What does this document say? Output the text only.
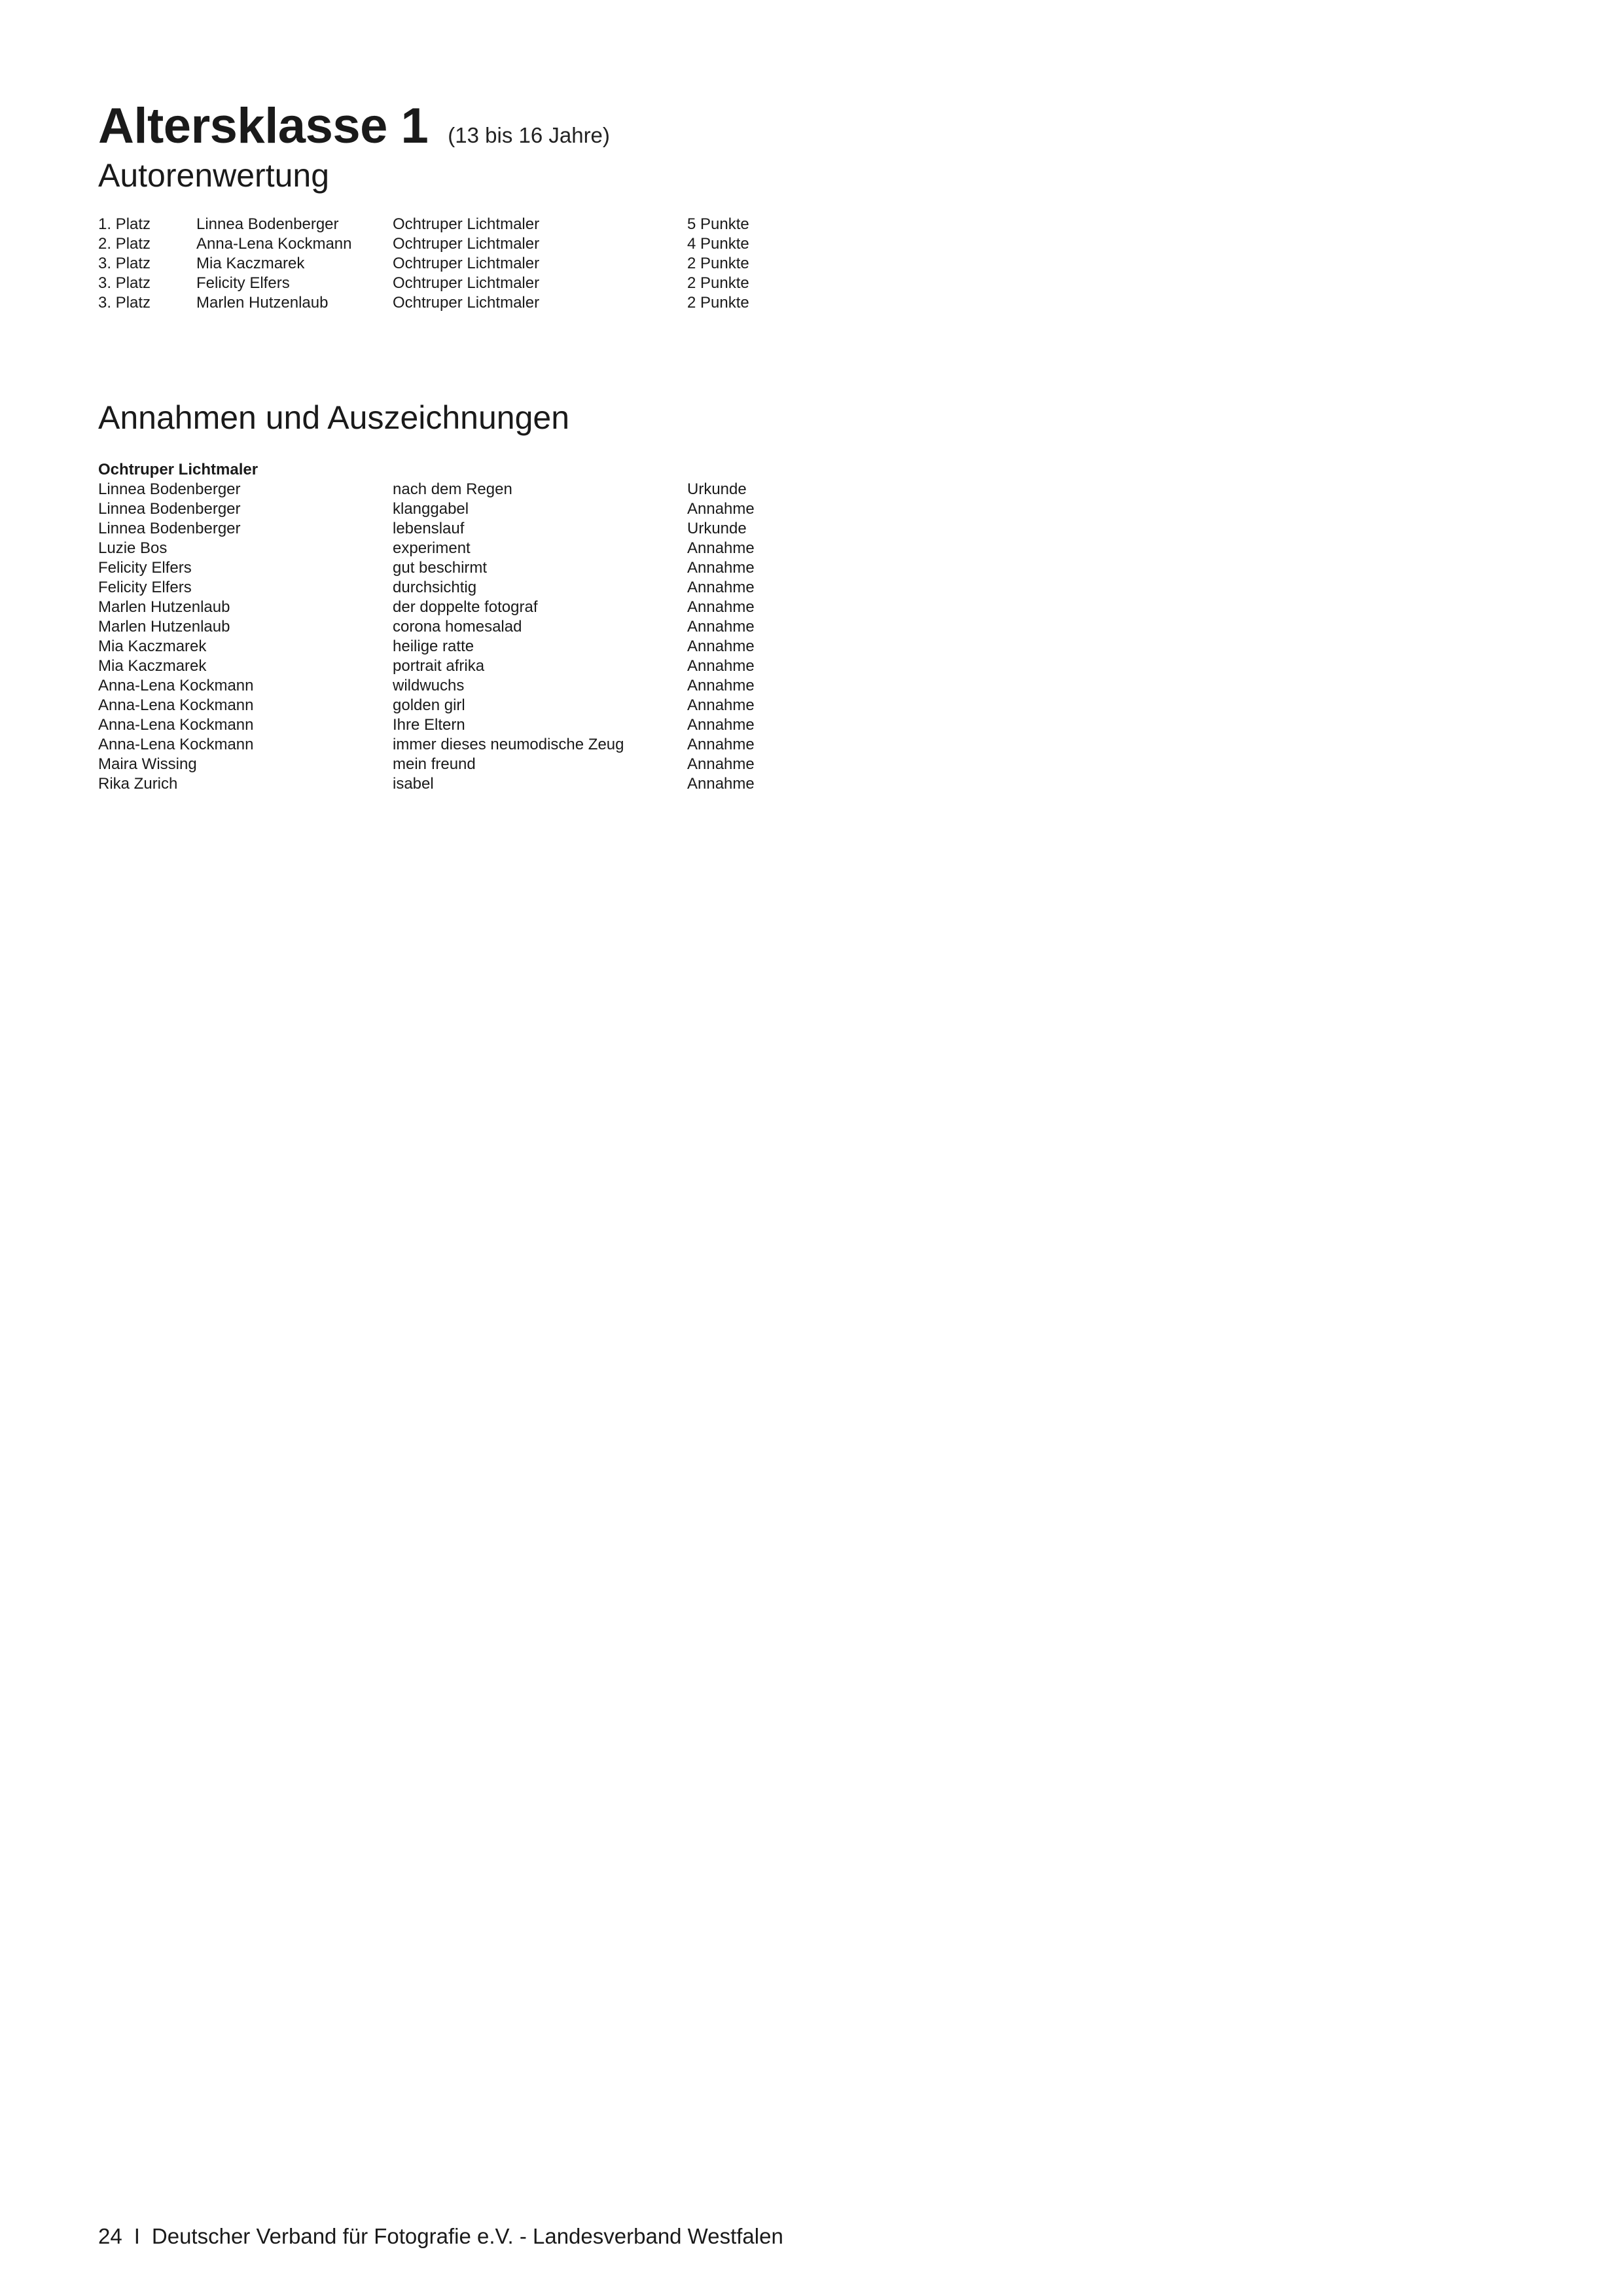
Altersklasse 1 (13 bis 16 Jahre)
Autorenwertung
1. Platz	Linnea Bodenberger	Ochtruper Lichtmaler	5 Punkte
2. Platz	Anna-Lena Kockmann	Ochtruper Lichtmaler	4 Punkte
3. Platz	Mia Kaczmarek	Ochtruper Lichtmaler	2 Punkte
3. Platz	Felicity Elfers	Ochtruper Lichtmaler	2 Punkte
3. Platz	Marlen Hutzenlaub	Ochtruper Lichtmaler	2 Punkte
Annahmen und Auszeichnungen
Ochtruper Lichtmaler
Linnea Bodenberger	nach dem Regen	Urkunde
Linnea Bodenberger	klanggabel	Annahme
Linnea Bodenberger	lebenslauf	Urkunde
Luzie Bos	experiment	Annahme
Felicity Elfers	gut beschirmt	Annahme
Felicity Elfers	durchsichtig	Annahme
Marlen Hutzenlaub	der doppelte fotograf	Annahme
Marlen Hutzenlaub	corona homesalad	Annahme
Mia Kaczmarek	heilige ratte	Annahme
Mia Kaczmarek	portrait afrika	Annahme
Anna-Lena Kockmann	wildwuchs	Annahme
Anna-Lena Kockmann	golden girl	Annahme
Anna-Lena Kockmann	Ihre Eltern	Annahme
Anna-Lena Kockmann	immer dieses neumodische Zeug	Annahme
Maira Wissing	mein freund	Annahme
Rika Zurich	isabel	Annahme
24 I Deutscher Verband für Fotografie e.V. - Landesverband Westfalen
